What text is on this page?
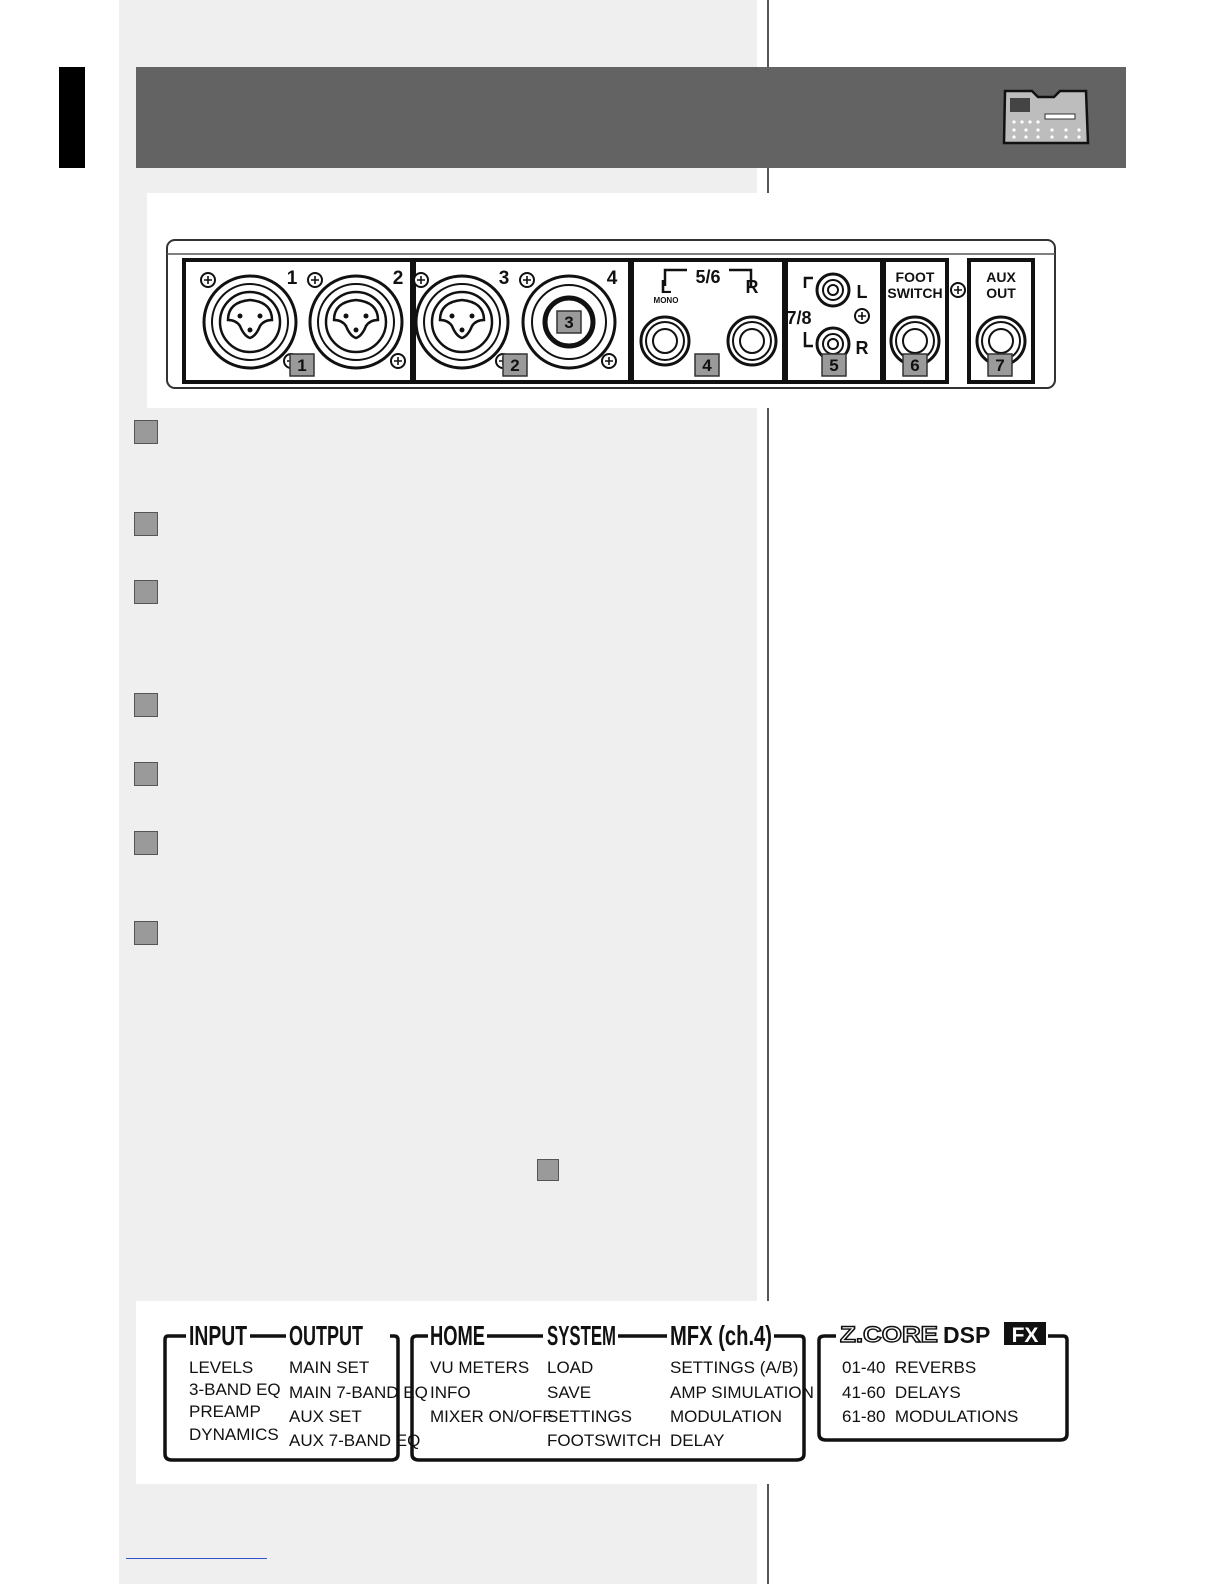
1	2	3	4	5/6
L
MONO
R
7/8
L
R
FOOT
SWITCH
AUX
OUT
1	2
3
4	5	6	7
INPUT OUTPUT HOME SYSTEM MFX (ch.4)	Z.CORE DSP FX
LEVELS
3-BAND EQ
PREAMP
DYNAMICS
MAIN SET
MAIN 7-BAND EQ
AUX SET
AUX 7-BAND EQ
VU METERS
INFO
MIXER ON/OFF
LOAD
SAVE
SETTINGS
FOOTSWITCH
SETTINGS (A/B)
AMP SIMULATION
MODULATION
DELAY
01-40  REVERBS
41-60  DELAYS
61-80  MODULATIONS
